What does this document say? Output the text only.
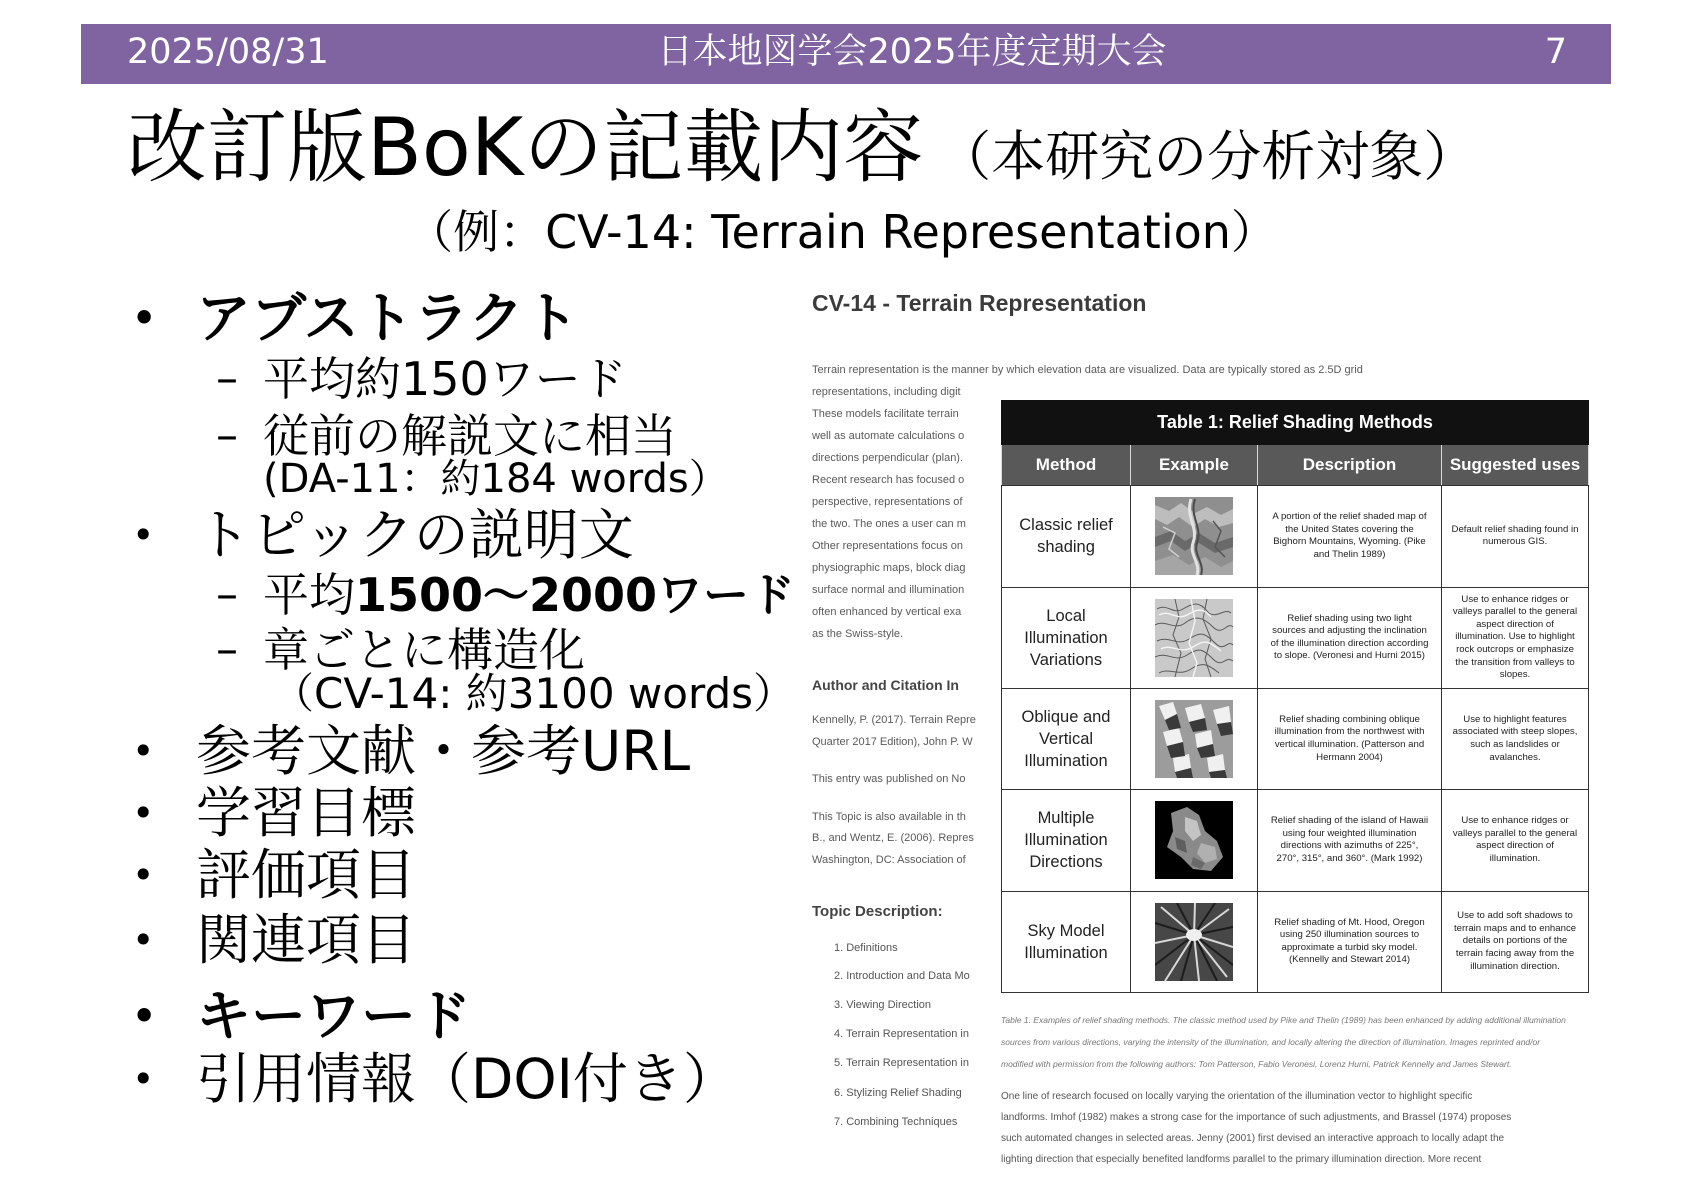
2025/08/31	日本地図学会2025年度定期大会	7
改訂版BoKの記載内容 （本研究の分析対象）
（例：CV-14: Terrain Representation）
• アブストラクト
– 平均約150ワード
– 従前の解説文に相当
(DA-11：約184 words）
• トピックの説明文
– 平均1500～2000ワード
– 章ごとに構造化
（CV-14: 約3100 words）
• 参考文献・参考URL
• 学習目標
• 評価項目
• 関連項目
• キーワード
• 引用情報（DOI付き）
CV-14 - Terrain Representation
Terrain representation is the manner by which elevation data are visualized. Data are typically stored as 2.5D grid
representations, including digit
These models facilitate terrain
well as automate calculations o
directions perpendicular (plan).
Recent research has focused o
perspective, representations of
the two. The ones a user can m
Other representations focus on
physiographic maps, block diag
surface normal and illumination
often enhanced by vertical exa
as the Swiss-style.
Author and Citation In
Kennelly, P. (2017). Terrain Repre
Quarter 2017 Edition), John P. W
This entry was published on No
This Topic is also available in th
B., and Wentz, E. (2006). Repres
Washington, DC: Association of
Topic Description:
1. Definitions
2. Introduction and Data Mo
3. Viewing Direction
4. Terrain Representation in
5. Terrain Representation in
6. Stylizing Relief Shading
7. Combining Techniques
Table 1: Relief Shading Methods			
Method	Example	Description	Suggested uses
Classic relief shading		A portion of the relief shaded map of the United States covering the Bighorn Mountains, Wyoming. (Pike and Thelin 1989)	Default relief shading found in numerous GIS.
Local Illumination Variations		Relief shading using two light sources and adjusting the inclination of the illumination direction according to slope. (Veronesi and Hurni 2015)	Use to enhance ridges or valleys parallel to the general aspect direction of illumination. Use to highlight rock outcrops or emphasize the transition from valleys to slopes.
Oblique and Vertical Illumination		Relief shading combining oblique illumination from the northwest with vertical illumination. (Patterson and Hermann 2004)	Use to highlight features associated with steep slopes, such as landslides or avalanches.
Multiple Illumination Directions		Relief shading of the island of Hawaii using four weighted illumination directions with azimuths of 225°, 270°, 315°, and 360°. (Mark 1992)	Use to enhance ridges or valleys parallel to the general aspect direction of illumination.
Sky Model Illumination		Relief shading of Mt. Hood, Oregon using 250 illumination sources to approximate a turbid sky model. (Kennelly and Stewart 2014)	Use to add soft shadows to terrain maps and to enhance details on portions of the terrain facing away from the illumination direction.
Table 1. Examples of relief shading methods. The classic method used by Pike and Thelin (1989) has been enhanced by adding additional illumination
sources from various directions, varying the intensity of the illumination, and locally altering the direction of illumination. Images reprinted and/or
modified with permission from the following authors: Tom Patterson, Fabio Veronesi, Lorenz Hurni, Patrick Kennelly and James Stewart.
One line of research focused on locally varying the orientation of the illumination vector to highlight specific
landforms. Imhof (1982) makes a strong case for the importance of such adjustments, and Brassel (1974) proposes
such automated changes in selected areas. Jenny (2001) first devised an interactive approach to locally adapt the
lighting direction that especially benefited landforms parallel to the primary illumination direction. More recent
